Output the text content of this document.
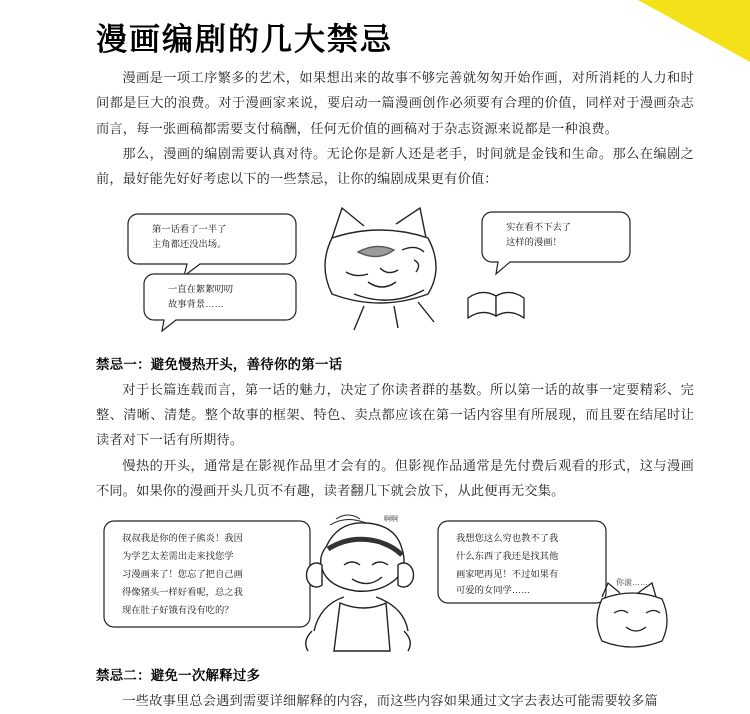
漫画编剧的几大禁忌

漫画是一项工序繁多的艺术，如果想出来的故事不够完善就匆匆开始作画，对所消耗的人力和时间都是巨大的浪费。对于漫画家来说，要启动一篇漫画创作必须要有合理的价值，同样对于漫画杂志而言，每一张画稿都需要支付稿酬，任何无价值的画稿对于杂志资源来说都是一种浪费。

那么，漫画的编剧需要认真对待。无论你是新人还是老手，时间就是金钱和生命。那么在编剧之前，最好能先好好考虑以下的一些禁忌，让你的编剧成果更有价值：

第一话看了一半了
主角都还没出场。
一直在絮絮叨叨
故事背景……
实在看不下去了
这样的漫画！
禁忌一：避免慢热开头，善待你的第一话

对于长篇连载而言，第一话的魅力，决定了你读者群的基数。所以第一话的故事一定要精彩、完整、清晰、清楚。整个故事的框架、特色、卖点都应该在第一话内容里有所展现，而且要在结尾时让读者对下一话有所期待。

慢热的开头，通常是在影视作品里才会有的。但影视作品通常是先付费后观看的形式，这与漫画不同。如果你的漫画开头几页不有趣，读者翻几下就会放下，从此便再无交集。

叔叔我是你的侄子熊炎！我因
为学艺太差需出走来找您学
习漫画来了！您忘了把自己画
得像猪头一样好看呢，总之我
现在肚子好饿有没有吃的？
我想您这么穷也教不了我
什么东西了我还是找其他
画家吧再见！不过如果有
可爱的女同学……
你滚……
啊啊
禁忌二：避免一次解释过多

一些故事里总会遇到需要详细解释的内容，而这些内容如果通过文字去表达可能需要较多篇
